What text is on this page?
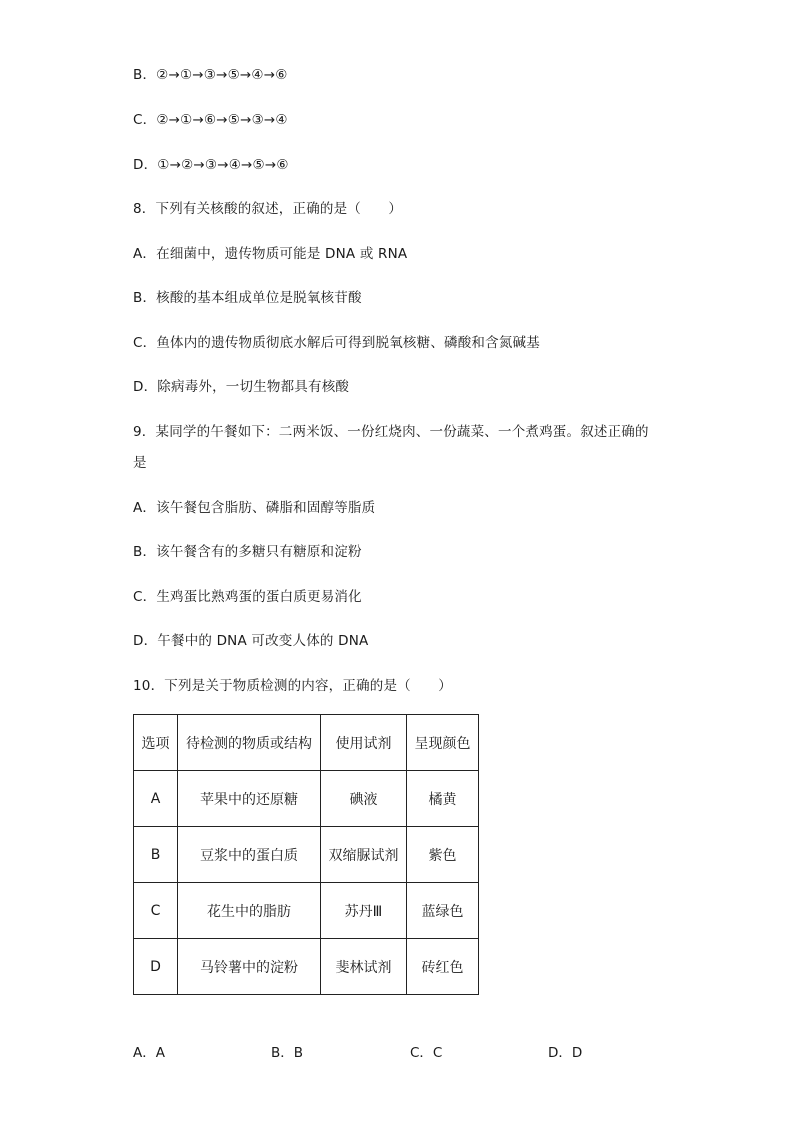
B．②→①→③→⑤→④→⑥
C．②→①→⑥→⑤→③→④
D．①→②→③→④→⑤→⑥
8．下列有关核酸的叙述，正确的是（　　）
A．在细菌中，遗传物质可能是 DNA 或 RNA
B．核酸的基本组成单位是脱氧核苷酸
C．鱼体内的遗传物质彻底水解后可得到脱氧核糖、磷酸和含氮碱基
D．除病毒外，一切生物都具有核酸
9．某同学的午餐如下：二两米饭、一份红烧肉、一份蔬菜、一个煮鸡蛋。叙述正确的
是
A．该午餐包含脂肪、磷脂和固醇等脂质
B．该午餐含有的多糖只有糖原和淀粉
C．生鸡蛋比熟鸡蛋的蛋白质更易消化
D．午餐中的 DNA 可改变人体的 DNA
10．下列是关于物质检测的内容，正确的是（　　）
选项	待检测的物质或结构	使用试剂	呈现颜色
A	苹果中的还原糖	碘液	橘黄
B	豆浆中的蛋白质	双缩脲试剂	紫色
C	花生中的脂肪	苏丹Ⅲ	蓝绿色
D	马铃薯中的淀粉	斐林试剂	砖红色
A．A	B．B	C．C	D．D
